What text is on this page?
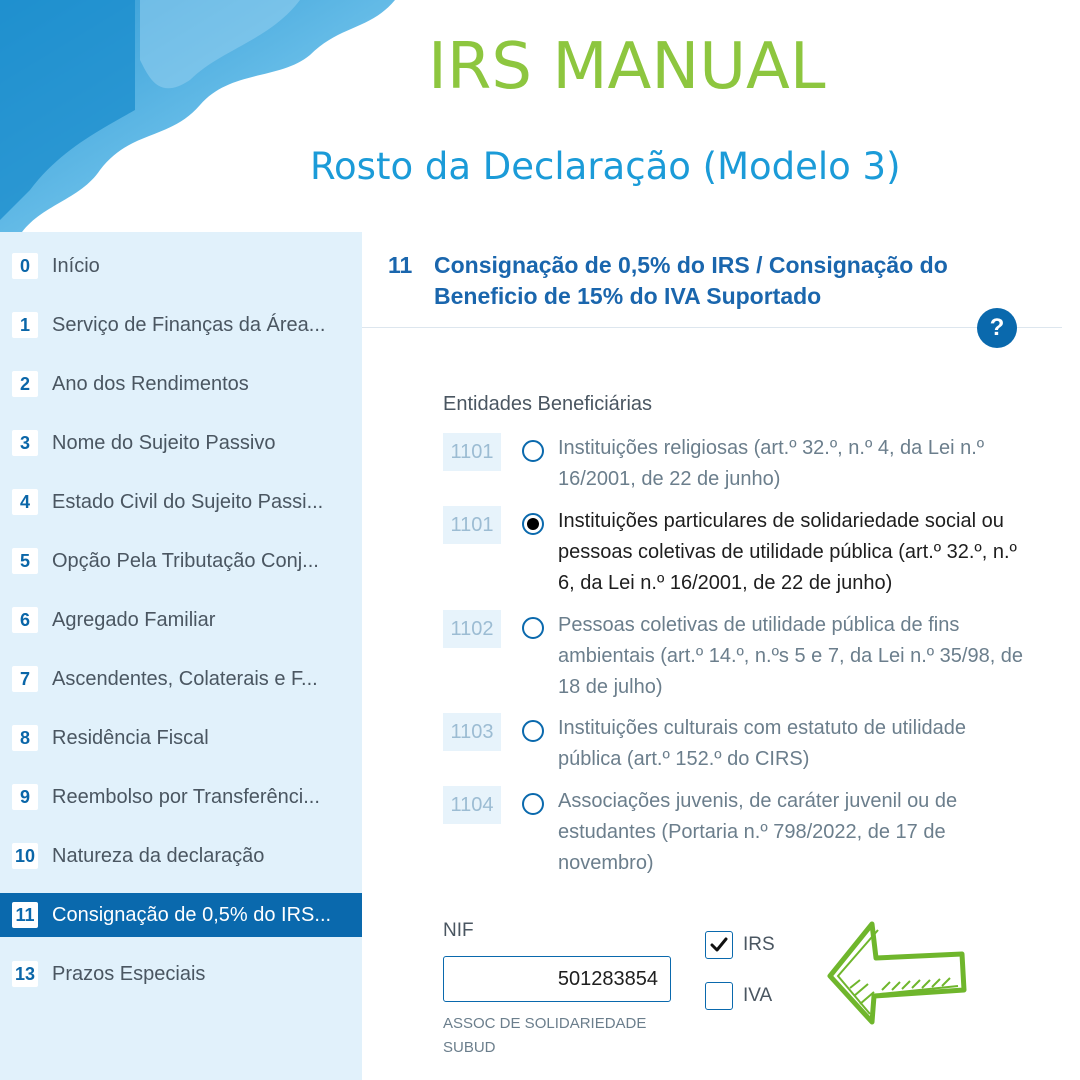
IRS MANUAL
Rosto da Declaração (Modelo 3)
0	Início
1	Serviço de Finanças da Área...
2	Ano dos Rendimentos
3	Nome do Sujeito Passivo
4	Estado Civil do Sujeito Passi...
5	Opção Pela Tributação Conj...
6	Agregado Familiar
7	Ascendentes, Colaterais e F...
8	Residência Fiscal
9	Reembolso por Transferênci...
10 Natureza da declaração
11 Consignação de 0,5% do IRS...
13 Prazos Especiais
11 Consignação de 0,5% do IRS / Consignação do Beneficio de 15% do IVA Suportado
?
Entidades Beneficiárias
1101	Instituições religiosas (art.º 32.º, n.º 4, da Lei n.º 16/2001, de 22 de junho)
1101	Instituições particulares de solidariedade social ou pessoas coletivas de utilidade pública (art.º 32.º, n.º 6, da Lei n.º 16/2001, de 22 de junho)
1102	Pessoas coletivas de utilidade pública de fins ambientais (art.º 14.º, n.ºs 5 e 7, da Lei n.º 35/98, de 18 de julho)
1103	Instituições culturais com estatuto de utilidade pública (art.º 152.º do CIRS)
1104	Associações juvenis, de caráter juvenil ou de estudantes (Portaria n.º 798/2022, de 17 de novembro)
NIF
501283854
ASSOC DE SOLIDARIEDADE SUBUD
IRS
IVA
